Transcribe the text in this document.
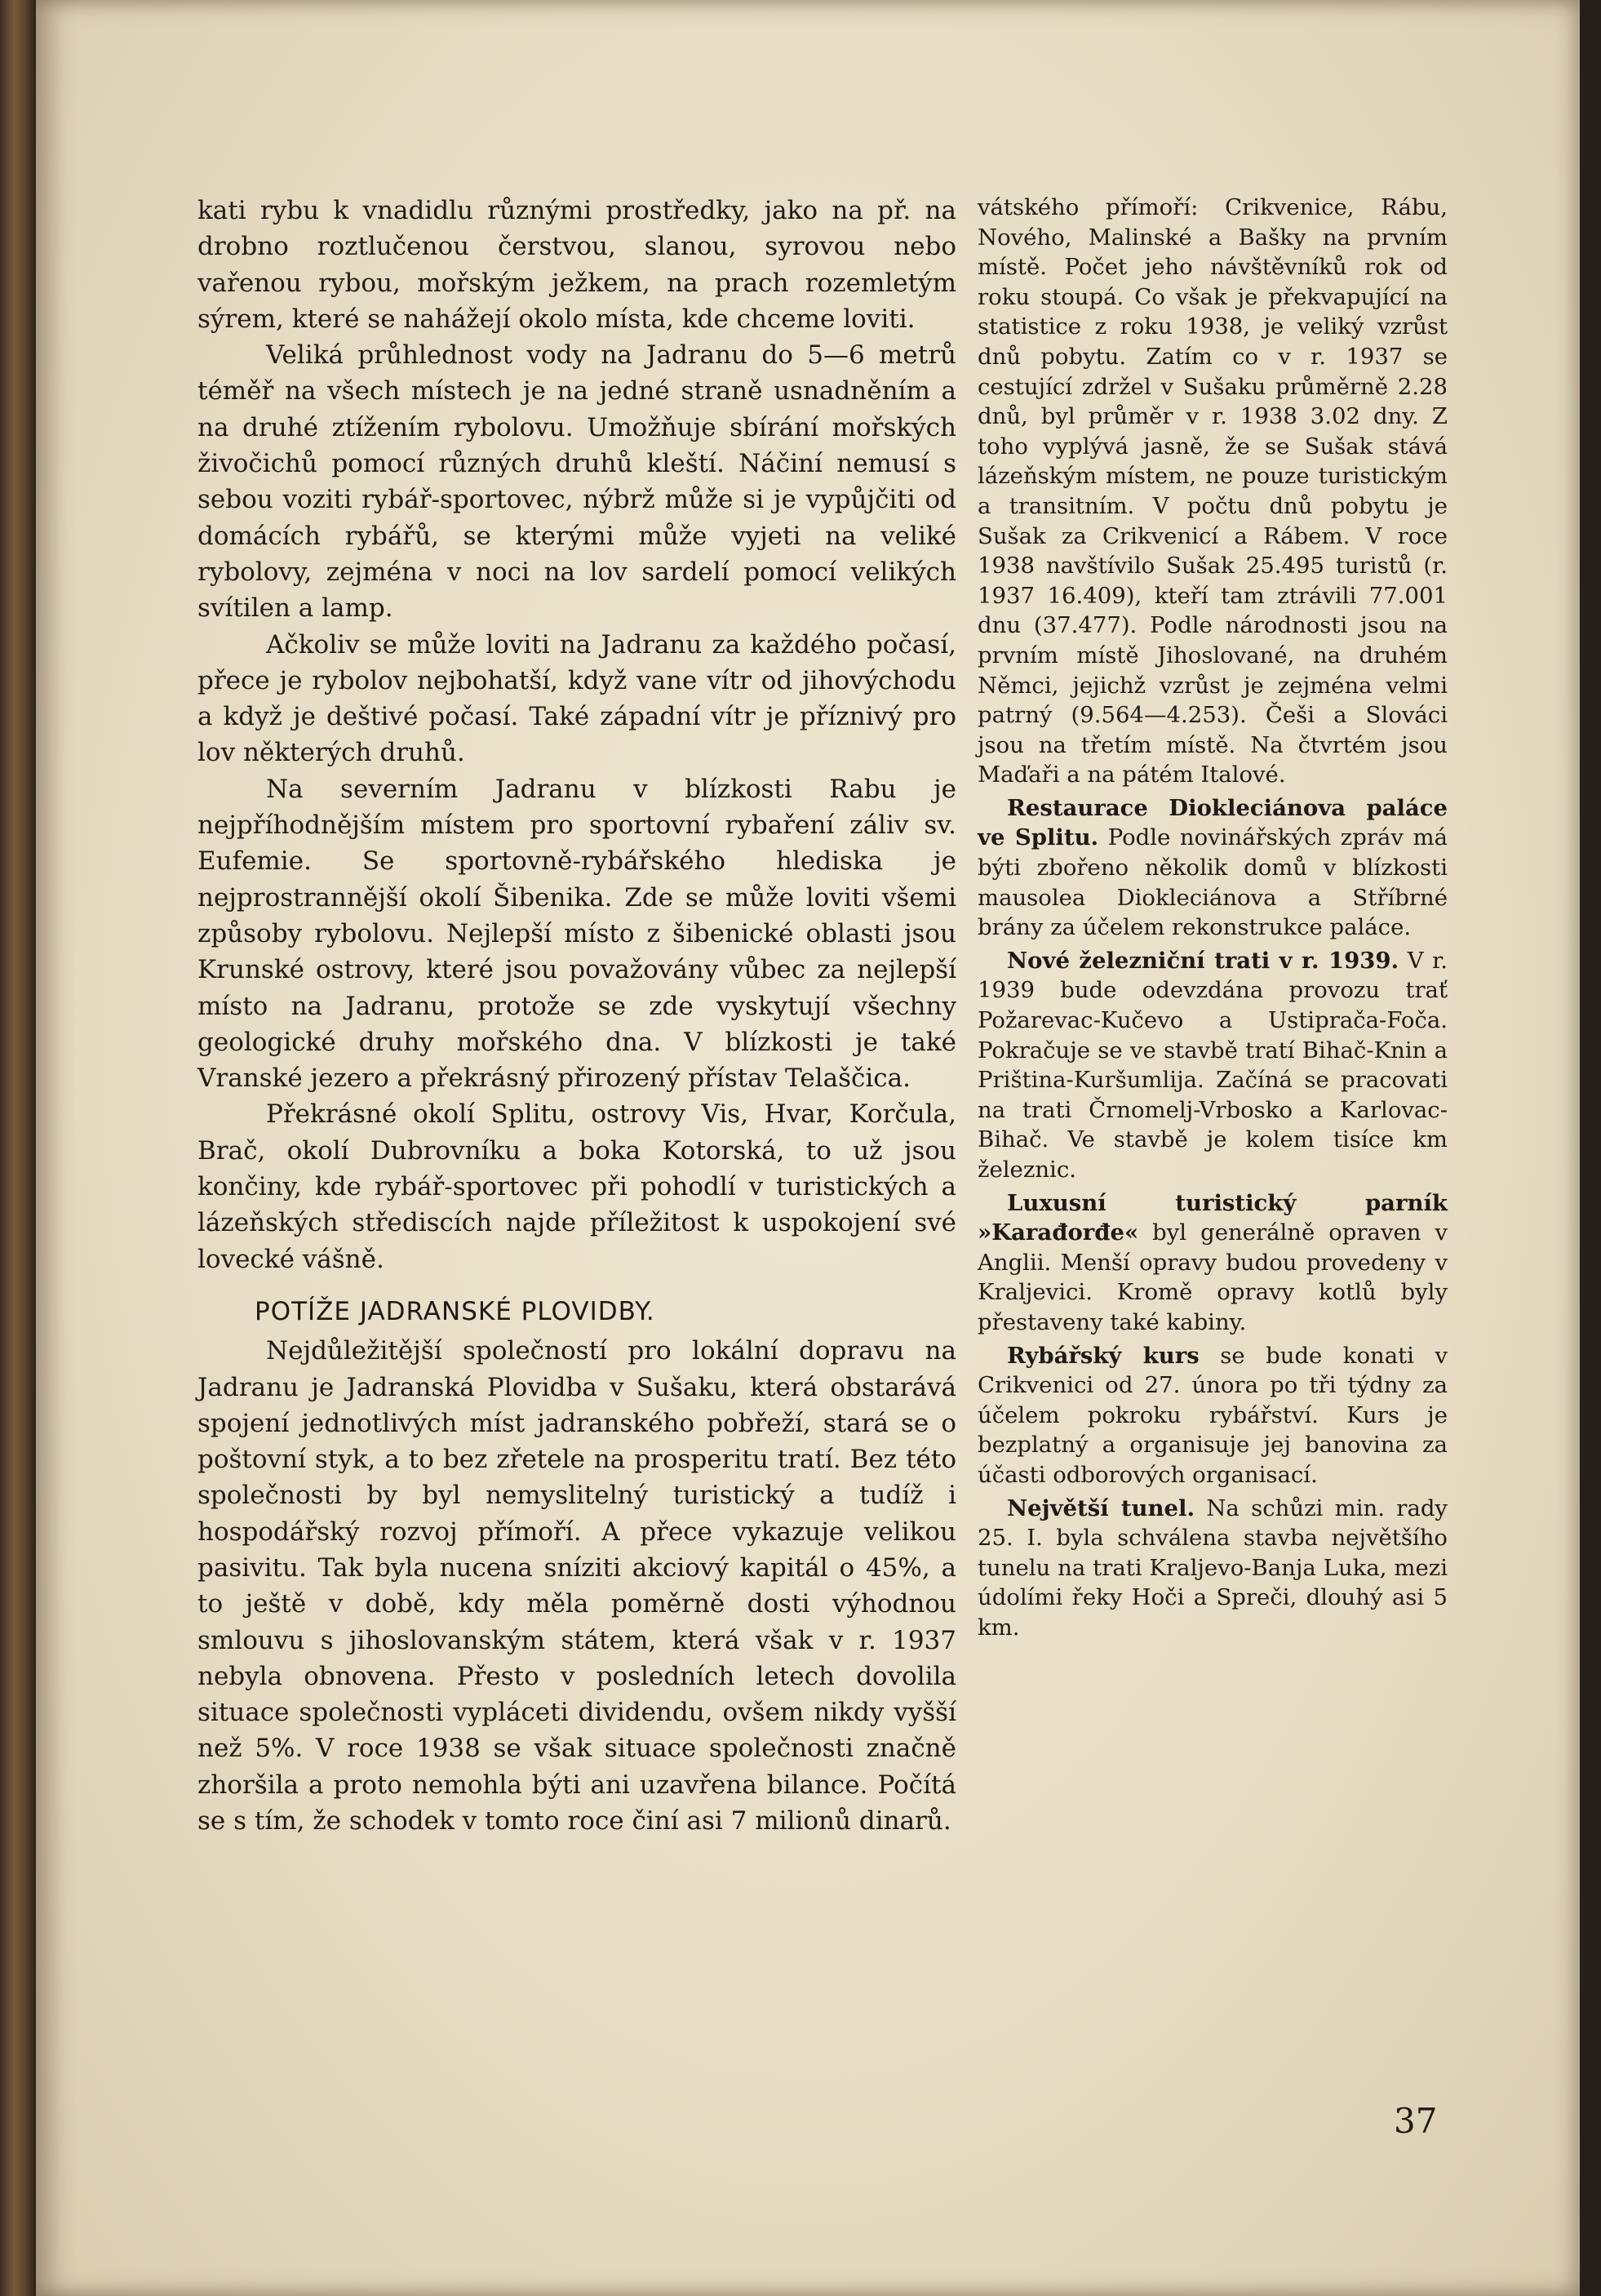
kati rybu k vnadidlu různými prostředky, jako na př. na drobno roztlučenou čerstvou, slanou, syrovou nebo vařenou rybou, mořským ježkem, na prach rozemletým sýrem, které se nahážejí okolo místa, kde chceme loviti.

Veliká průhlednost vody na Jadranu do 5—6 metrů téměř na všech místech je na jedné straně usnadněním a na druhé ztížením rybolovu. Umožňuje sbírání mořských živočichů pomocí různých druhů kleští. Náčiní nemusí s sebou voziti rybář-sportovec, nýbrž může si je vypůjčiti od domácích rybářů, se kterými může vyjeti na veliké rybolovy, zejména v noci na lov sardelí pomocí velikých svítilen a lamp.

Ačkoliv se může loviti na Jadranu za každého počasí, přece je rybolov nejbohatší, když vane vítr od jihovýchodu a když je deštivé počasí. Také západní vítr je příznivý pro lov některých druhů.

Na severním Jadranu v blízkosti Rabu je nejpříhodnějším místem pro sportovní rybaření záliv sv. Eufemie. Se sportovně-rybářského hlediska je nejprostrannější okolí Šibenika. Zde se může loviti všemi způsoby rybolovu. Nejlepší místo z šibenické oblasti jsou Krunské ostrovy, které jsou považovány vůbec za nejlepší místo na Jadranu, protože se zde vyskytují všechny geologické druhy mořského dna. V blízkosti je také Vranské jezero a překrásný přirozený přístav Telaščica.

Překrásné okolí Splitu, ostrovy Vis, Hvar, Korčula, Brač, okolí Dubrovníku a boka Kotorská, to už jsou končiny, kde rybář-sportovec při pohodlí v turistických a lázeňských střediscích najde příležitost k uspokojení své lovecké vášně.

POTÍŽE JADRANSKÉ PLOVIDBY.

Nejdůležitější společností pro lokální dopravu na Jadranu je Jadranská Plovidba v Sušaku, která obstarává spojení jednotlivých míst jadranského pobřeží, stará se o poštovní styk, a to bez zřetele na prosperitu tratí. Bez této společnosti by byl nemyslitelný turistický a tudíž i hospodářský rozvoj přímoří. A přece vykazuje velikou pasivitu. Tak byla nucena sníziti akciový kapitál o 45%, a to ještě v době, kdy měla poměrně dosti výhodnou smlouvu s jihoslovanským státem, která však v r. 1937 nebyla obnovena. Přesto v posledních letech dovolila situace společnosti vypláceti dividendu, ovšem nikdy vyšší než 5%. V roce 1938 se však situace společnosti značně zhoršila a proto nemohla býti ani uzavřena bilance. Počítá se s tím, že schodek v tomto roce činí asi 7 milionů dinarů.

vátského přímoří: Crikvenice, Rábu, Nového, Malinské a Bašky na prvním místě. Počet jeho návštěvníků rok od roku stoupá. Co však je překvapující na statistice z roku 1938, je veliký vzrůst dnů pobytu. Zatím co v r. 1937 se cestující zdržel v Sušaku průměrně 2.28 dnů, byl průměr v r. 1938 3.02 dny. Z toho vyplývá jasně, že se Sušak stává lázeňským místem, ne pouze turistickým a transitním. V počtu dnů pobytu je Sušak za Crikvenicí a Rábem. V roce 1938 navštívilo Sušak 25.495 turistů (r. 1937 16.409), kteří tam ztrávili 77.001 dnu (37.477). Podle národnosti jsou na prvním místě Jihoslované, na druhém Němci, jejichž vzrůst je zejména velmi patrný (9.564—4.253). Češi a Slováci jsou na třetím místě. Na čtvrtém jsou Maďaři a na pátém Italové.

Restaurace Diokleciánova paláce ve Splitu. Podle novinářských zpráv má býti zbořeno několik domů v blízkosti mausolea Diokleciánova a Stříbrné brány za účelem rekonstrukce paláce.

Nové železniční trati v r. 1939. V r. 1939 bude odevzdána provozu trať Požarevac-Kučevo a Ustiprača-Foča. Pokračuje se ve stavbě tratí Bihač-Knin a Priština-Kuršumlija. Začíná se pracovati na trati Črnomelj-Vrbosko a Karlovac-Bihač. Ve stavbě je kolem tisíce km železnic.

Luxusní turistický parník »Karađorđe« byl generálně opraven v Anglii. Menší opravy budou provedeny v Kraljevici. Kromě opravy kotlů byly přestaveny také kabiny.

Rybářský kurs se bude konati v Crikvenici od 27. února po tři týdny za účelem pokroku rybářství. Kurs je bezplatný a organisuje jej banovina za účasti odborových organisací.

Největší tunel. Na schůzi min. rady 25. I. byla schválena stavba největšího tunelu na trati Kraljevo-Banja Luka, mezi údolími řeky Hoči a Spreči, dlouhý asi 5 km.

37
